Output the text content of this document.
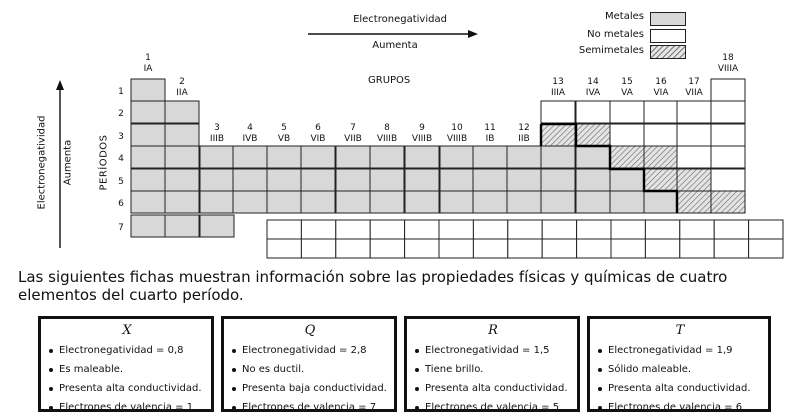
Electronegatividad
Aumenta
Metales
No metales
Semimetales
GRUPOS
Electronegatividad Aumenta	PERÍODOS
1
IA
2
IIA
3
IIIB
4
IVB
5
VB
6
VIB
7
VIIB
8
VIIIB
9
VIIIB
10
VIIIB
11
IB
12
IIB
13
IIIA
14
IVA
15
VA
16
VIA
17
VIIA
18
VIIIA
1
2
3
4
5
6
7
Las siguientes fichas muestran información sobre las propiedades físicas y químicas de cuatro elementos del cuarto período.
X
Electronegatividad = 0,8
Es maleable.
Presenta alta conductividad.
Electrones de valencia = 1
Q
Electronegatividad = 2,8
No es ductil.
Presenta baja conductividad.
Electrones de valencia = 7
R
Electronegatividad = 1,5
Tiene brillo.
Presenta alta conductividad.
Electrones de valencia = 5
T
Electronegatividad = 1,9
Sólido maleable.
Presenta alta conductividad.
Electrones de valencia = 6
